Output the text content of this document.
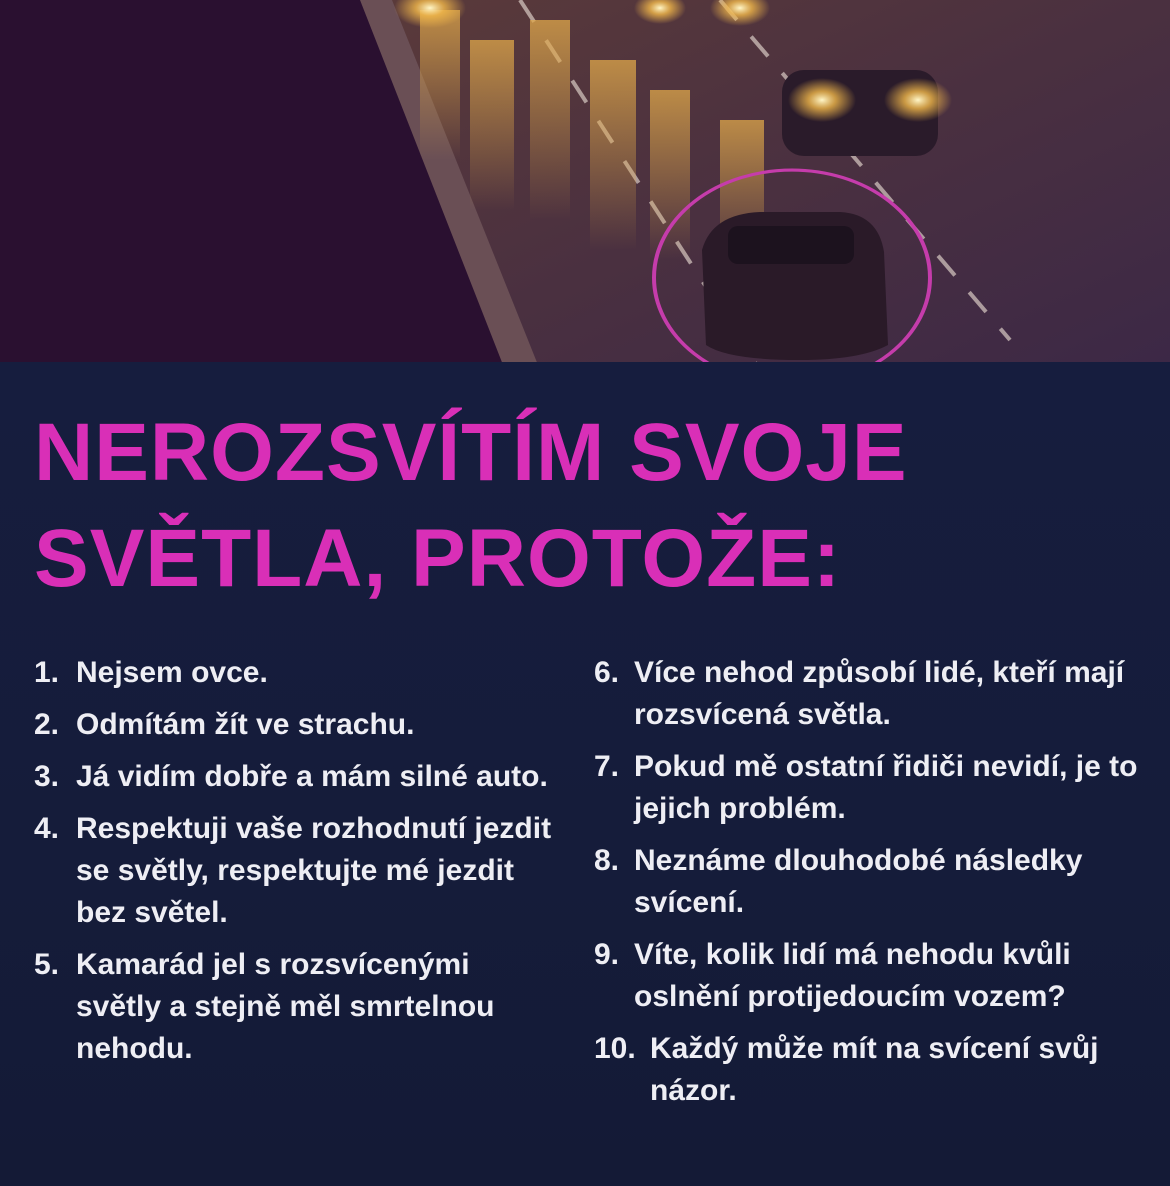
NEROZSVÍTÍM SVOJE
SVĚTLA, PROTOŽE:
1. Nejsem ovce.
2. Odmítám žít ve strachu.
3. Já vidím dobře a mám silné auto.
4. Respektuji vaše rozhodnutí jezdit se světly, respektujte mé jezdit bez světel.
5. Kamarád jel s rozsvícenými světly a stejně měl smrtelnou nehodu.
6. Více nehod způsobí lidé, kteří mají rozsvícená světla.
7. Pokud mě ostatní řidiči nevidí, je to jejich problém.
8. Neznáme dlouhodobé následky svícení.
9. Víte, kolik lidí má nehodu kvůli oslnění protijedoucím vozem?
10. Každý může mít na svícení svůj názor.
